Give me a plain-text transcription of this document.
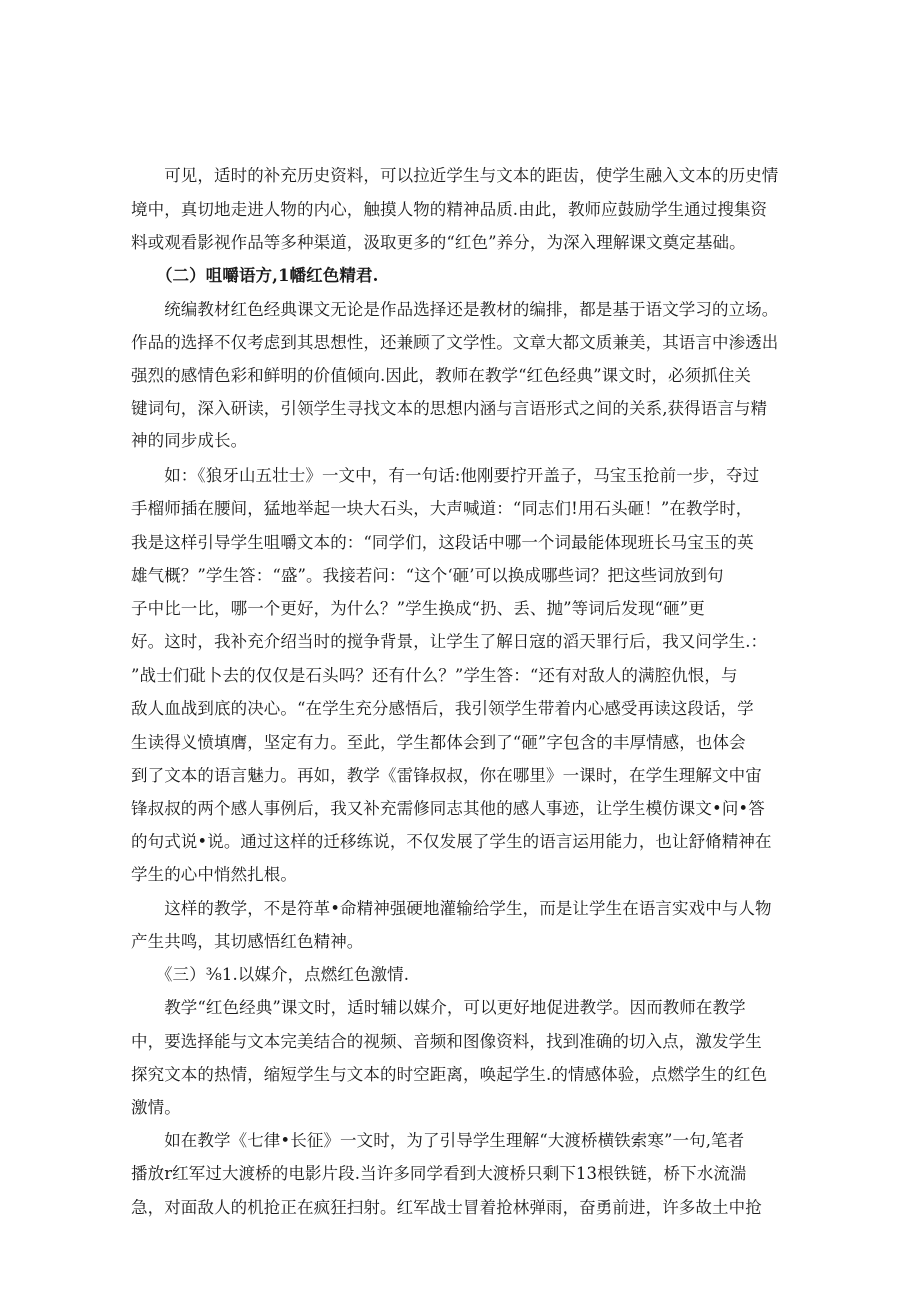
　　可见，适时的补充历史资料，可以拉近学生与文本的距齿，使学生融入文本的历史情
境中，真切地走进人物的内心，触摸人物的精神品质.由此，教师应鼓励学生通过搜集资
料或观看影视作品等多种渠道，汲取更多的“红色”养分，为深入理解课文奠定基础。
　　（二）咀嚼语方,1幡红色精君.
　　统编教材红色经典课文无论是作品选择还是教材的编排，都是基于语文学习的立场。
作品的选择不仅考虑到其思想性，还兼顾了文学性。文章大都文质兼美，其语言中渗透出
强烈的感情色彩和鲜明的价值倾向.因此，教师在教学“红色经典”课文时，必须抓住关
键词句，深入研读，引领学生寻找文本的思想内涵与言语形式之间的关系,获得语言与精
神的同步成长。
　　如：《狼牙山五壮士》一文中，有一句话:他刚要拧开盖子，马宝玉抢前一步，夺过
手榴师插在腰间，猛地举起一块大石头，大声喊道：“同志们!用石头砸！”在教学时，
我是这样引导学生咀嚼文本的：“同学们，这段话中哪一个词最能体现班长马宝玉的英
雄气概？”学生答：“盛”。我接若问：“这个‘砸’可以换成哪些词？把这些词放到句
子中比一比，哪一个更好，为什么？”学生换成“扔、丢、抛”等词后发现“砸”更
好。这时，我补充介绍当时的搅争背景，让学生了解日寇的滔天罪行后，我又问学生.：
”战士们砒卜去的仅仅是石头吗？还有什么？”学生答：“还有对敌人的满腔仇恨，与
敌人血战到底的决心。“在学生充分感悟后，我引领学生带着内心感受再读这段话，学
生读得义愤填膺，坚定有力。至此，学生都体会到了“砸”字包含的丰厚情感，也体会
到了文本的语言魅力。再如，教学《雷锋叔叔，你在哪里》一课时，在学生理解文中宙
锋叔叔的两个感人事例后，我又补充需修同志其他的感人事迹，让学生模仿课文•问•答
的句式说•说。通过这样的迁移练说，不仅发展了学生的语言运用能力，也让舒脩精神在
学生的心中悄然扎根。
　　这样的教学，不是符革•命精神强硬地灌输给学生，而是让学生在语言实戏中与人物
产生共鸣，其切感悟红色精神。
　　《三）⅜1.以媒介，点燃红色激情.
　　教学“红色经典”课文时，适时辅以媒介，可以更好地促进教学。因而教师在教学
中，要选择能与文本完美结合的视频、音频和图像资料，找到准确的切入点，激发学生
探究文本的热情，缩短学生与文本的时空距离，唤起学生.的情感体验，点燃学生的红色
激情。
　　如在教学《七律•长征》一文时，为了引导学生理解“大渡桥横铁索寒”一句,笔者
播放r红军过大渡桥的电影片段.当许多同学看到大渡桥只剩下13根铁链，桥下水流湍
急，对面敌人的机抢正在疯狂扫射。红军战士冒着抢林弹雨，奋勇前进，许多故土中抢
